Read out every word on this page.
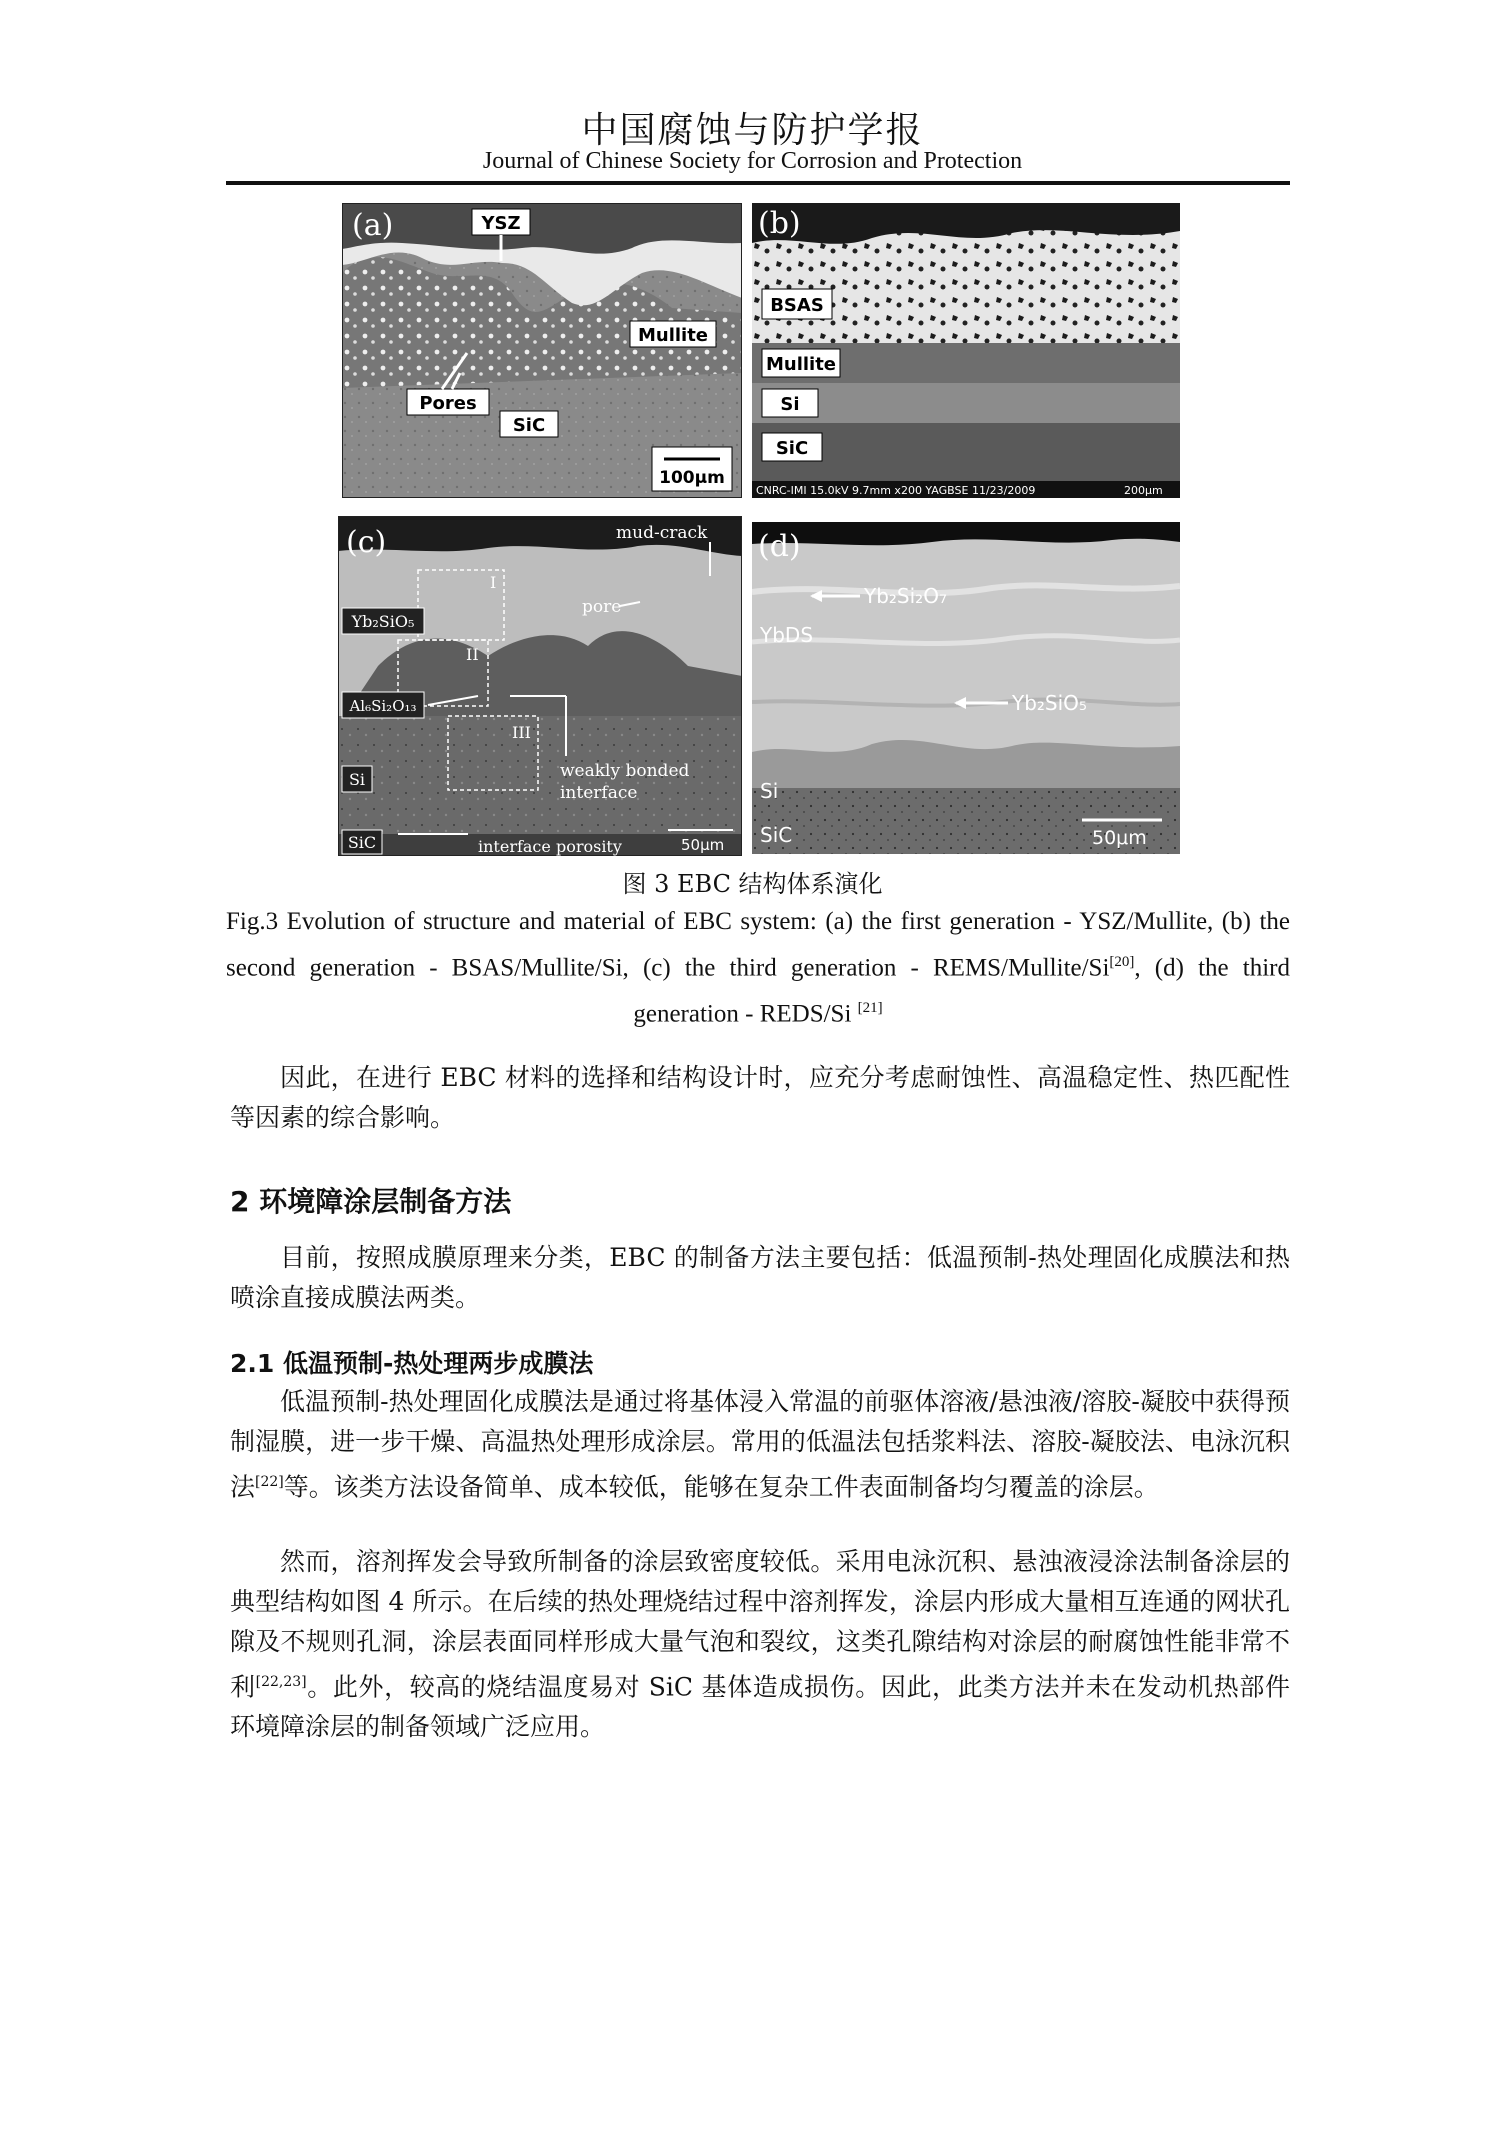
中国腐蚀与防护学报
Journal of Chinese Society for Corrosion and Protection
(a)	YSZ
Mullite
Pores
SiC
100μm
(b)
BSAS
Mullite
Si
SiC
CNRC-IMI 15.0kV 9.7mm x200 YAGBSE 11/23/2009	200μm
(c)	mud-crack
I
II
III
pore
Yb₂SiO₅
Al₆Si₂O₁₃
Si
SiC
weakly bonded
interface
interface porosity	50μm
(d)
Yb₂Si₂O₇
YbDS
Yb₂SiO₅
Si
SiC	50μm
图 3 EBC 结构体系演化
Fig.3 Evolution of structure and material of EBC system: (a) the first generation - YSZ/Mullite, (b) the second generation - BSAS/Mullite/Si, (c) the third generation - REMS/Mullite/Si[20], (d) the third generation - REDS/Si [21]
因此，在进行 EBC 材料的选择和结构设计时，应充分考虑耐蚀性、高温稳定性、热匹配性等因素的综合影响。
2 环境障涂层制备方法
目前，按照成膜原理来分类，EBC 的制备方法主要包括：低温预制-热处理固化成膜法和热喷涂直接成膜法两类。
2.1 低温预制-热处理两步成膜法
低温预制-热处理固化成膜法是通过将基体浸入常温的前驱体溶液/悬浊液/溶胶-凝胶中获得预制湿膜，进一步干燥、高温热处理形成涂层。常用的低温法包括浆料法、溶胶-凝胶法、电泳沉积法[22]等。该类方法设备简单、成本较低，能够在复杂工件表面制备均匀覆盖的涂层。
然而，溶剂挥发会导致所制备的涂层致密度较低。采用电泳沉积、悬浊液浸涂法制备涂层的典型结构如图 4 所示。在后续的热处理烧结过程中溶剂挥发，涂层内形成大量相互连通的网状孔隙及不规则孔洞，涂层表面同样形成大量气泡和裂纹，这类孔隙结构对涂层的耐腐蚀性能非常不利[22,23]。此外，较高的烧结温度易对 SiC 基体造成损伤。因此，此类方法并未在发动机热部件环境障涂层的制备领域广泛应用。
